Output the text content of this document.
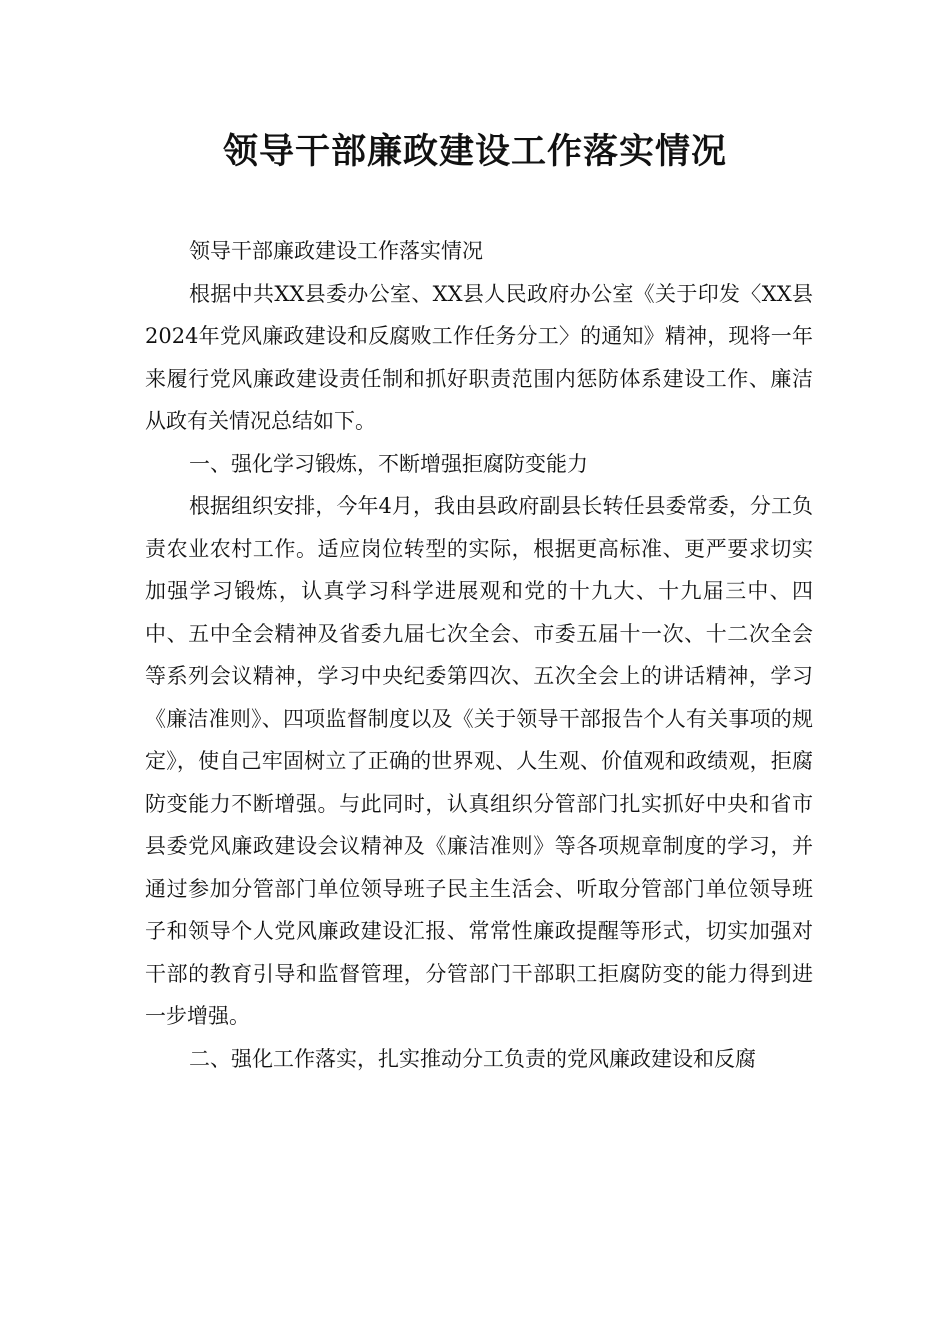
领导干部廉政建设工作落实情况

领导干部廉政建设工作落实情况

根据中共XX县委办公室、XX县人民政府办公室《关于印发〈XX县2024年党风廉政建设和反腐败工作任务分工〉的通知》精神，现将一年来履行党风廉政建设责任制和抓好职责范围内惩防体系建设工作、廉洁从政有关情况总结如下。

一、强化学习锻炼，不断增强拒腐防变能力

根据组织安排，今年4月，我由县政府副县长转任县委常委，分工负责农业农村工作。适应岗位转型的实际，根据更高标准、更严要求切实加强学习锻炼，认真学习科学进展观和党的十九大、十九届三中、四中、五中全会精神及省委九届七次全会、市委五届十一次、十二次全会等系列会议精神，学习中央纪委第四次、五次全会上的讲话精神，学习《廉洁准则》、四项监督制度以及《关于领导干部报告个人有关事项的规定》，使自己牢固树立了正确的世界观、人生观、价值观和政绩观，拒腐防变能力不断增强。与此同时，认真组织分管部门扎实抓好中央和省市县委党风廉政建设会议精神及《廉洁准则》等各项规章制度的学习，并通过参加分管部门单位领导班子民主生活会、听取分管部门单位领导班子和领导个人党风廉政建设汇报、常常性廉政提醒等形式，切实加强对干部的教育引导和监督管理，分管部门干部职工拒腐防变的能力得到进一步增强。

二、强化工作落实，扎实推动分工负责的党风廉政建设和反腐
